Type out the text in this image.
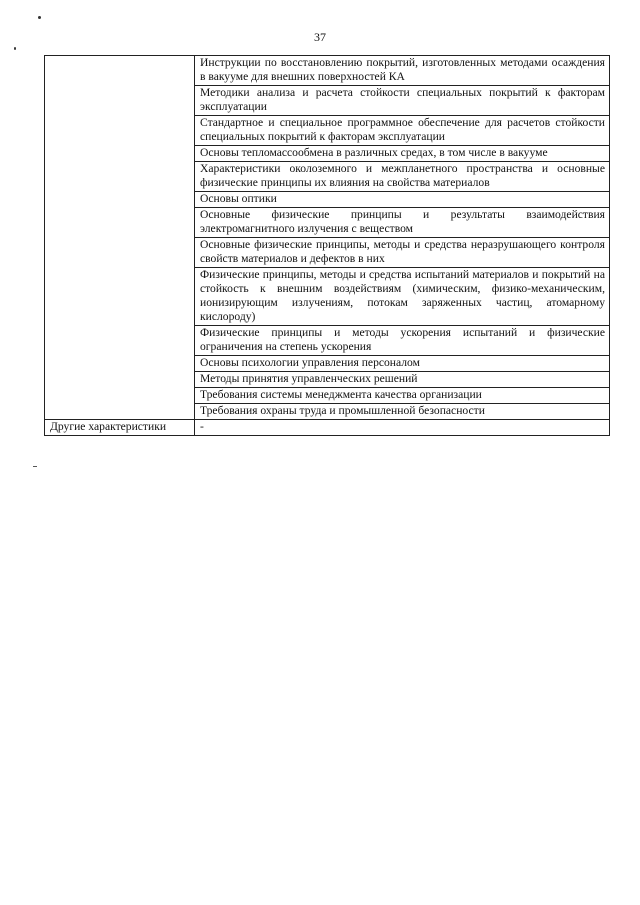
37
	Инструкции по восстановлению покрытий, изготовленных методами осаждения в вакууме для внешних поверхностей КА
	Методики анализа и расчета стойкости специальных покрытий к факторам эксплуатации
	Стандартное и специальное программное обеспечение для расчетов стойкости специальных покрытий к факторам эксплуатации
	Основы тепломассообмена в различных средах, в том числе в вакууме
	Характеристики околоземного и межпланетного пространства и основные физические принципы их влияния на свойства материалов
	Основы оптики
	Основные физические принципы и результаты взаимодействия электромагнитного излучения с веществом
	Основные физические принципы, методы и средства неразрушающего контроля свойств материалов и дефектов в них
	Физические принципы, методы и средства испытаний материалов и покрытий на стойкость к внешним воздействиям (химическим, физико-механическим, ионизирующим излучениям, потокам заряженных частиц, атомарному кислороду)
	Физические принципы и методы ускорения испытаний и физические ограничения на степень ускорения
	Основы психологии управления персоналом
	Методы принятия управленческих решений
	Требования системы менеджмента качества организации
	Требования охраны труда и промышленной безопасности
Другие характеристики	-
